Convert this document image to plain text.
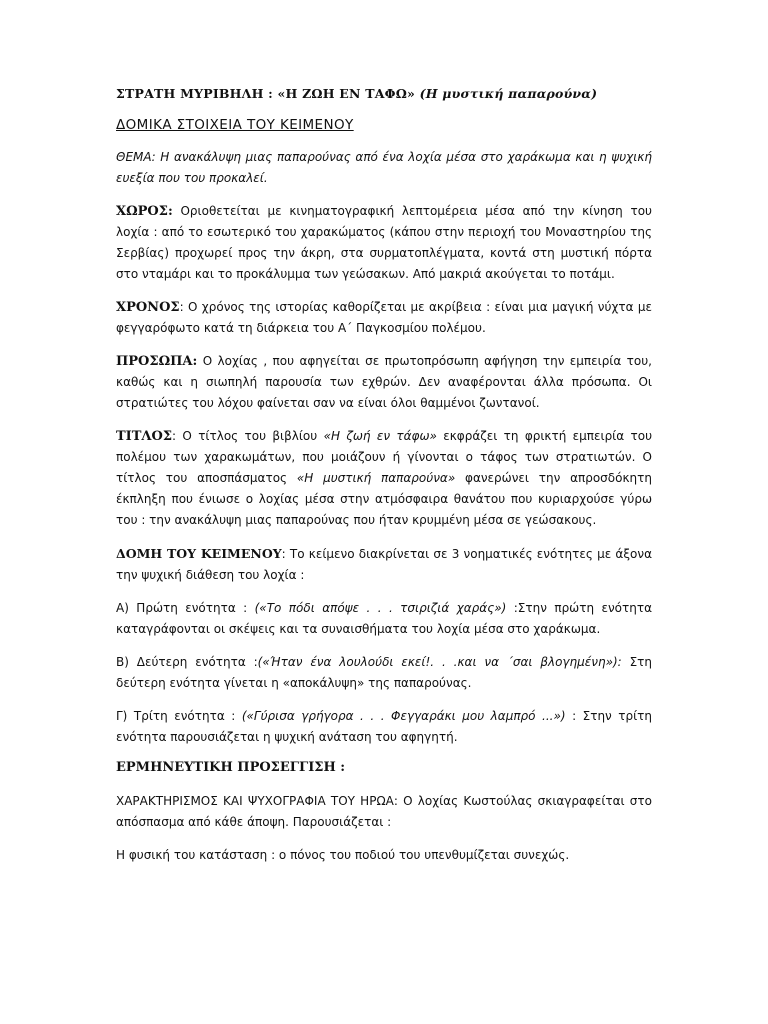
ΣΤΡΑΤΗ ΜΥΡΙΒΗΛΗ : «Η ΖΩΗ ΕΝ ΤΑΦΩ» (Η μυστική παπαρούνα)
ΔΟΜΙΚΑ ΣΤΟΙΧΕΙΑ ΤΟΥ ΚΕΙΜΕΝΟΥ

ΘΕΜΑ: Η ανακάλυψη μιας παπαρούνας από ένα λοχία μέσα στο χαράκωμα και η ψυχική ευεξία που του προκαλεί.

ΧΩΡΟΣ: Οριοθετείται με κινηματογραφική λεπτομέρεια μέσα από την κίνηση του λοχία : από το εσωτερικό του χαρακώματος (κάπου στην περιοχή του Μοναστηρίου της Σερβίας) προχωρεί προς την άκρη, στα συρματοπλέγματα, κοντά στη μυστική πόρτα στο νταμάρι και το προκάλυμμα των γεώσακων. Από μακριά ακούγεται το ποτάμι.

ΧΡΟΝΟΣ: Ο χρόνος της ιστορίας καθορίζεται με ακρίβεια : είναι μια μαγική νύχτα με φεγγαρόφωτο κατά τη διάρκεια του Α΄ Παγκοσμίου πολέμου.

ΠΡΟΣΩΠΑ: Ο λοχίας , που αφηγείται σε πρωτοπρόσωπη αφήγηση την εμπειρία του, καθώς και η σιωπηλή παρουσία των εχθρών. Δεν αναφέρονται άλλα πρόσωπα. Οι στρατιώτες του λόχου φαίνεται σαν να είναι όλοι θαμμένοι ζωντανοί.

ΤΙΤΛΟΣ: Ο τίτλος του βιβλίου «Η ζωή εν τάφω» εκφράζει τη φρικτή εμπειρία του πολέμου των χαρακωμάτων, που μοιάζουν ή γίνονται ο τάφος των στρατιωτών. Ο τίτλος του αποσπάσματος «Η μυστική παπαρούνα» φανερώνει την απροσδόκητη έκπληξη που ένιωσε ο λοχίας μέσα στην ατμόσφαιρα θανάτου που κυριαρχούσε γύρω του : την ανακάλυψη μιας παπαρούνας που ήταν κρυμμένη μέσα σε γεώσακους.

ΔΟΜΗ ΤΟΥ ΚΕΙΜΕΝΟΥ: Το κείμενο διακρίνεται σε 3 νοηματικές ενότητες με άξονα την ψυχική διάθεση του λοχία :

Α) Πρώτη ενότητα : («Το πόδι απόψε . . . τσιριζιά χαράς») :Στην πρώτη ενότητα καταγράφονται οι σκέψεις και τα συναισθήματα του λοχία μέσα στο χαράκωμα.

Β) Δεύτερη ενότητα :(«Ήταν ένα λουλούδι εκεί!. . .και να ΄σαι βλογημένη»): Στη δεύτερη ενότητα γίνεται η «αποκάλυψη» της παπαρούνας.

Γ) Τρίτη ενότητα : («Γύρισα γρήγορα . . . Φεγγαράκι μου λαμπρό ...») : Στην τρίτη ενότητα παρουσιάζεται η ψυχική ανάταση του αφηγητή.

ΕΡΜΗΝΕΥΤΙΚΗ ΠΡΟΣΕΓΓΙΣΗ :

ΧΑΡΑΚΤΗΡΙΣΜΟΣ ΚΑΙ ΨΥΧΟΓΡΑΦΙΑ ΤΟΥ ΗΡΩΑ: Ο λοχίας Κωστούλας σκιαγραφείται στο απόσπασμα από κάθε άποψη. Παρουσιάζεται :

Η φυσική του κατάσταση : ο πόνος του ποδιού του υπενθυμίζεται συνεχώς.
